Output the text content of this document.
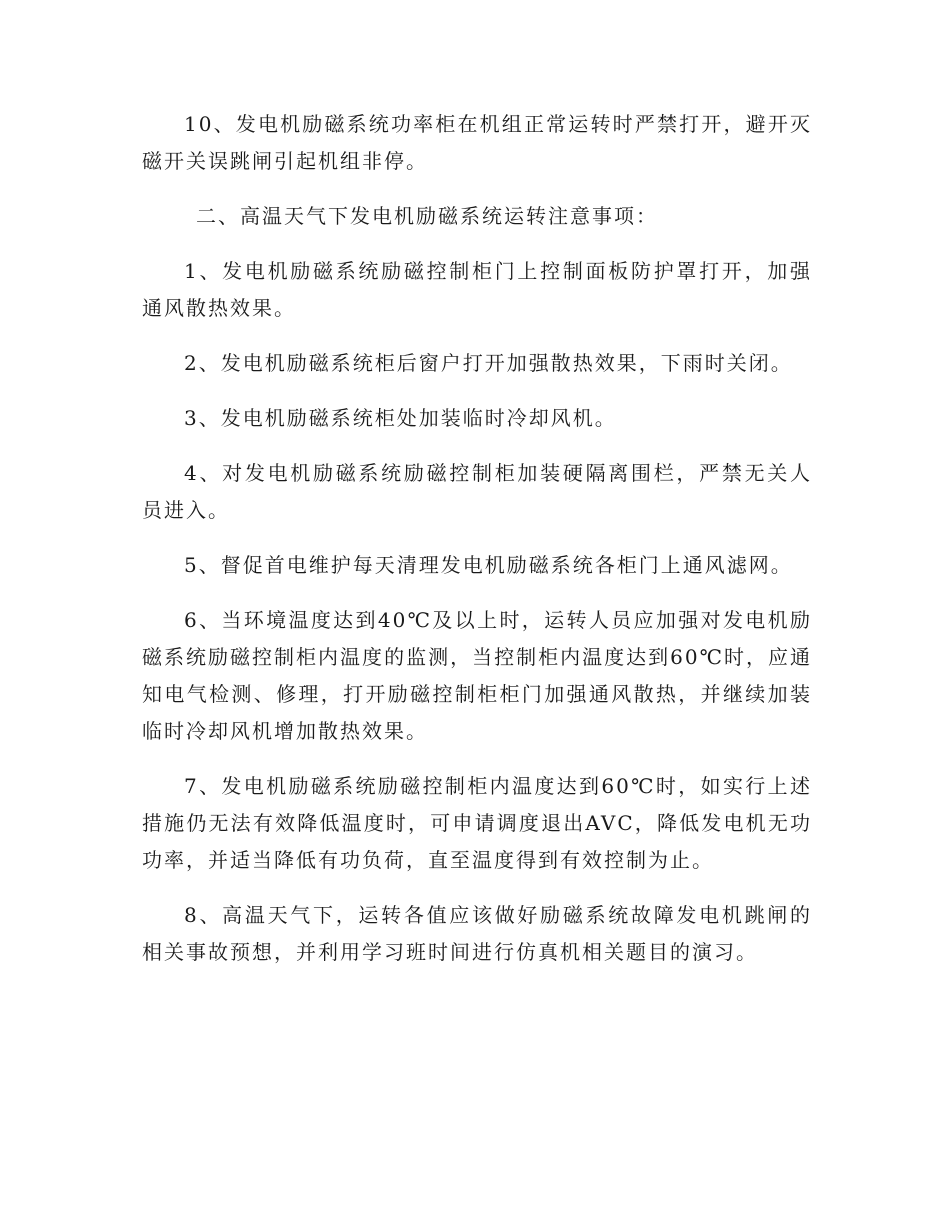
10、发电机励磁系统功率柜在机组正常运转时严禁打开，避开灭磁开关误跳闸引起机组非停。

二、高温天气下发电机励磁系统运转注意事项：

1、发电机励磁系统励磁控制柜门上控制面板防护罩打开，加强通风散热效果。

2、发电机励磁系统柜后窗户打开加强散热效果，下雨时关闭。

3、发电机励磁系统柜处加装临时冷却风机。

4、对发电机励磁系统励磁控制柜加装硬隔离围栏，严禁无关人员进入。

5、督促首电维护每天清理发电机励磁系统各柜门上通风滤网。

6、当环境温度达到40℃及以上时，运转人员应加强对发电机励磁系统励磁控制柜内温度的监测，当控制柜内温度达到60℃时，应通知电气检测、修理，打开励磁控制柜柜门加强通风散热，并继续加装临时冷却风机增加散热效果。

7、发电机励磁系统励磁控制柜内温度达到60℃时，如实行上述措施仍无法有效降低温度时，可申请调度退出AVC，降低发电机无功功率，并适当降低有功负荷，直至温度得到有效控制为止。

8、高温天气下，运转各值应该做好励磁系统故障发电机跳闸的相关事故预想，并利用学习班时间进行仿真机相关题目的演习。
